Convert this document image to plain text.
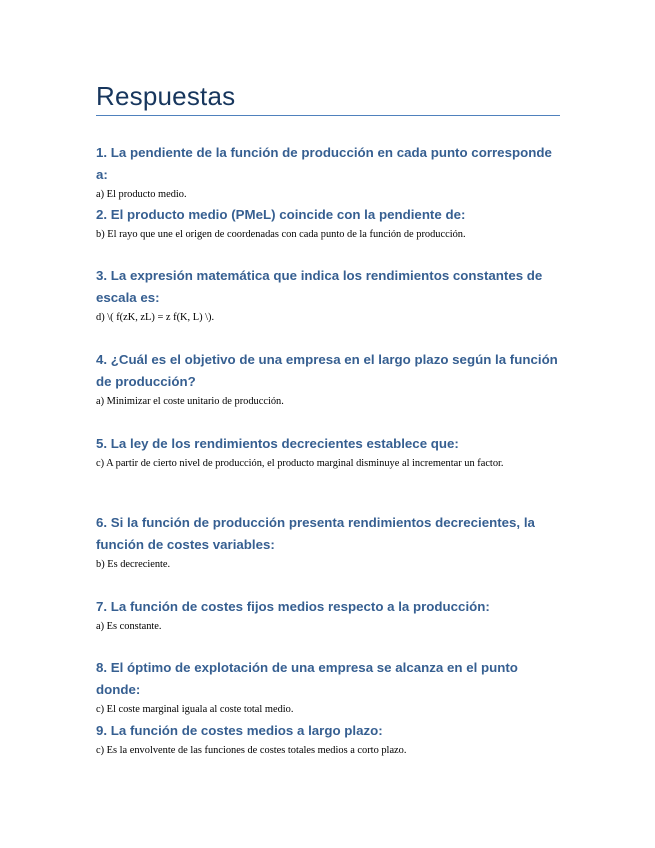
Respuestas

1. La pendiente de la función de producción en cada punto corresponde a:

a) El producto medio.

2. El producto medio (PMeL) coincide con la pendiente de:

b) El rayo que une el origen de coordenadas con cada punto de la función de producción.

3. La expresión matemática que indica los rendimientos constantes de escala es:

d) \( f(zK, zL) = z f(K, L) \).

4. ¿Cuál es el objetivo de una empresa en el largo plazo según la función de producción?

a) Minimizar el coste unitario de producción.

5. La ley de los rendimientos decrecientes establece que:

c) A partir de cierto nivel de producción, el producto marginal disminuye al incrementar un factor.

6. Si la función de producción presenta rendimientos decrecientes, la función de costes variables:

b) Es decreciente.

7. La función de costes fijos medios respecto a la producción:

a) Es constante.

8. El óptimo de explotación de una empresa se alcanza en el punto donde:

c) El coste marginal iguala al coste total medio.

9. La función de costes medios a largo plazo:

c) Es la envolvente de las funciones de costes totales medios a corto plazo.
